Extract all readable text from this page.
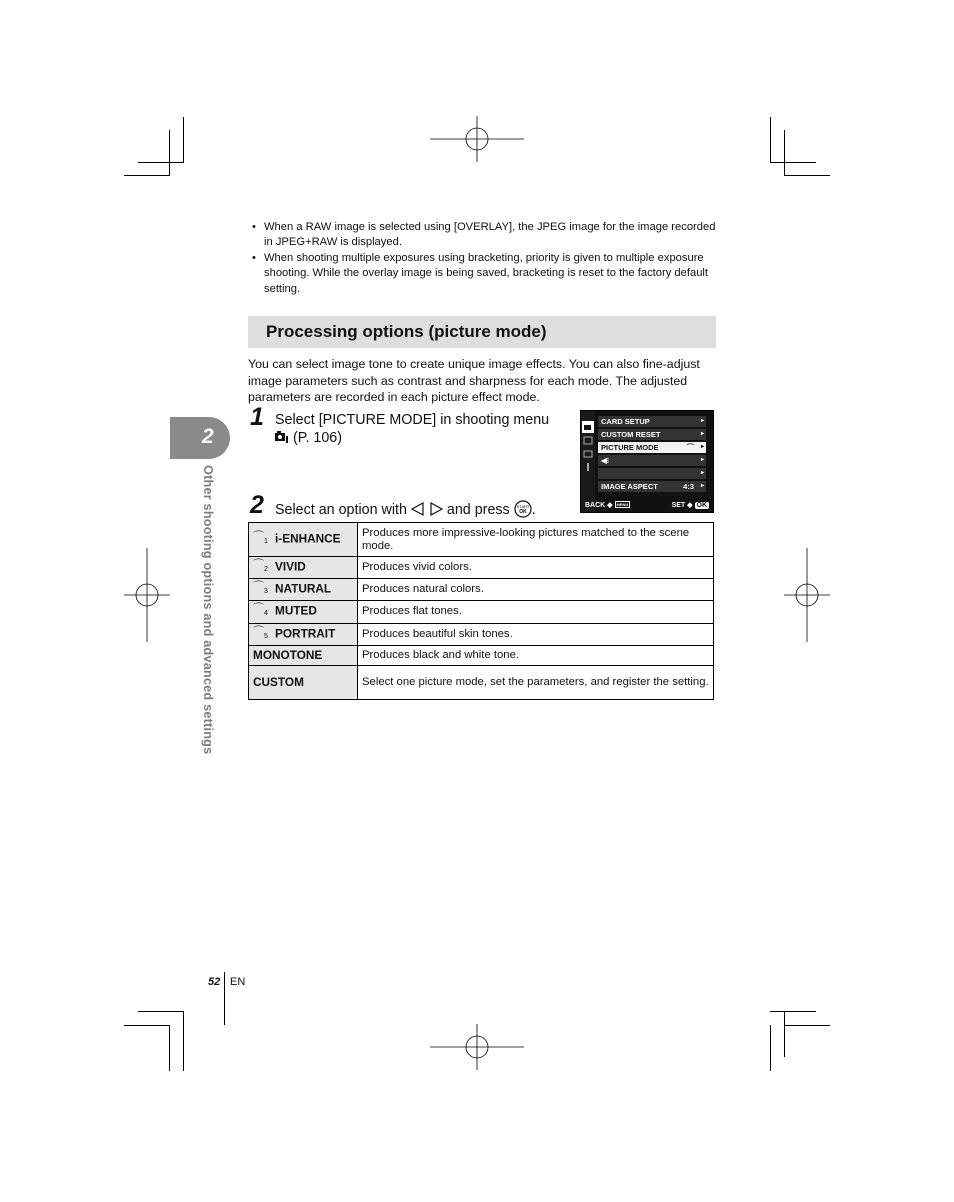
• When a RAW image is selected using [OVERLAY], the JPEG image for the image recorded in JPEG+RAW is displayed.
• When shooting multiple exposures using bracketing, priority is given to multiple exposure shooting. While the overlay image is being saved, bracketing is reset to the factory default setting.
Processing options (picture mode)
You can select image tone to create unique image effects. You can also fine-adjust image parameters such as contrast and sharpness for each mode. The adjusted parameters are recorded in each picture effect mode.
1 Select [PICTURE MODE] in shooting menu
(P. 106)
CARD SETUP	▸
CUSTOM RESET	▸
PICTURE MODE	⌒ ▸
◀⁝	▸
▸
IMAGE ASPECT	4:3 ▸
BACK ◆ MENU	SET ◆ OK
2 Select an option with	and press START
OK .
$⌒_1$ i-ENHANCE	Produces more impressive-looking pictures matched to the scene mode.
$⌒_2$ VIVID	Produces vivid colors.
$⌒_3$ NATURAL	Produces natural colors.
$⌒_4$ MUTED	Produces flat tones.
$⌒_5$ PORTRAIT	Produces beautiful skin tones.
MONOTONE	Produces black and white tone.
CUSTOM	Select one picture mode, set the parameters, and register the setting.
2
Other shooting options and advanced settings
52 EN
